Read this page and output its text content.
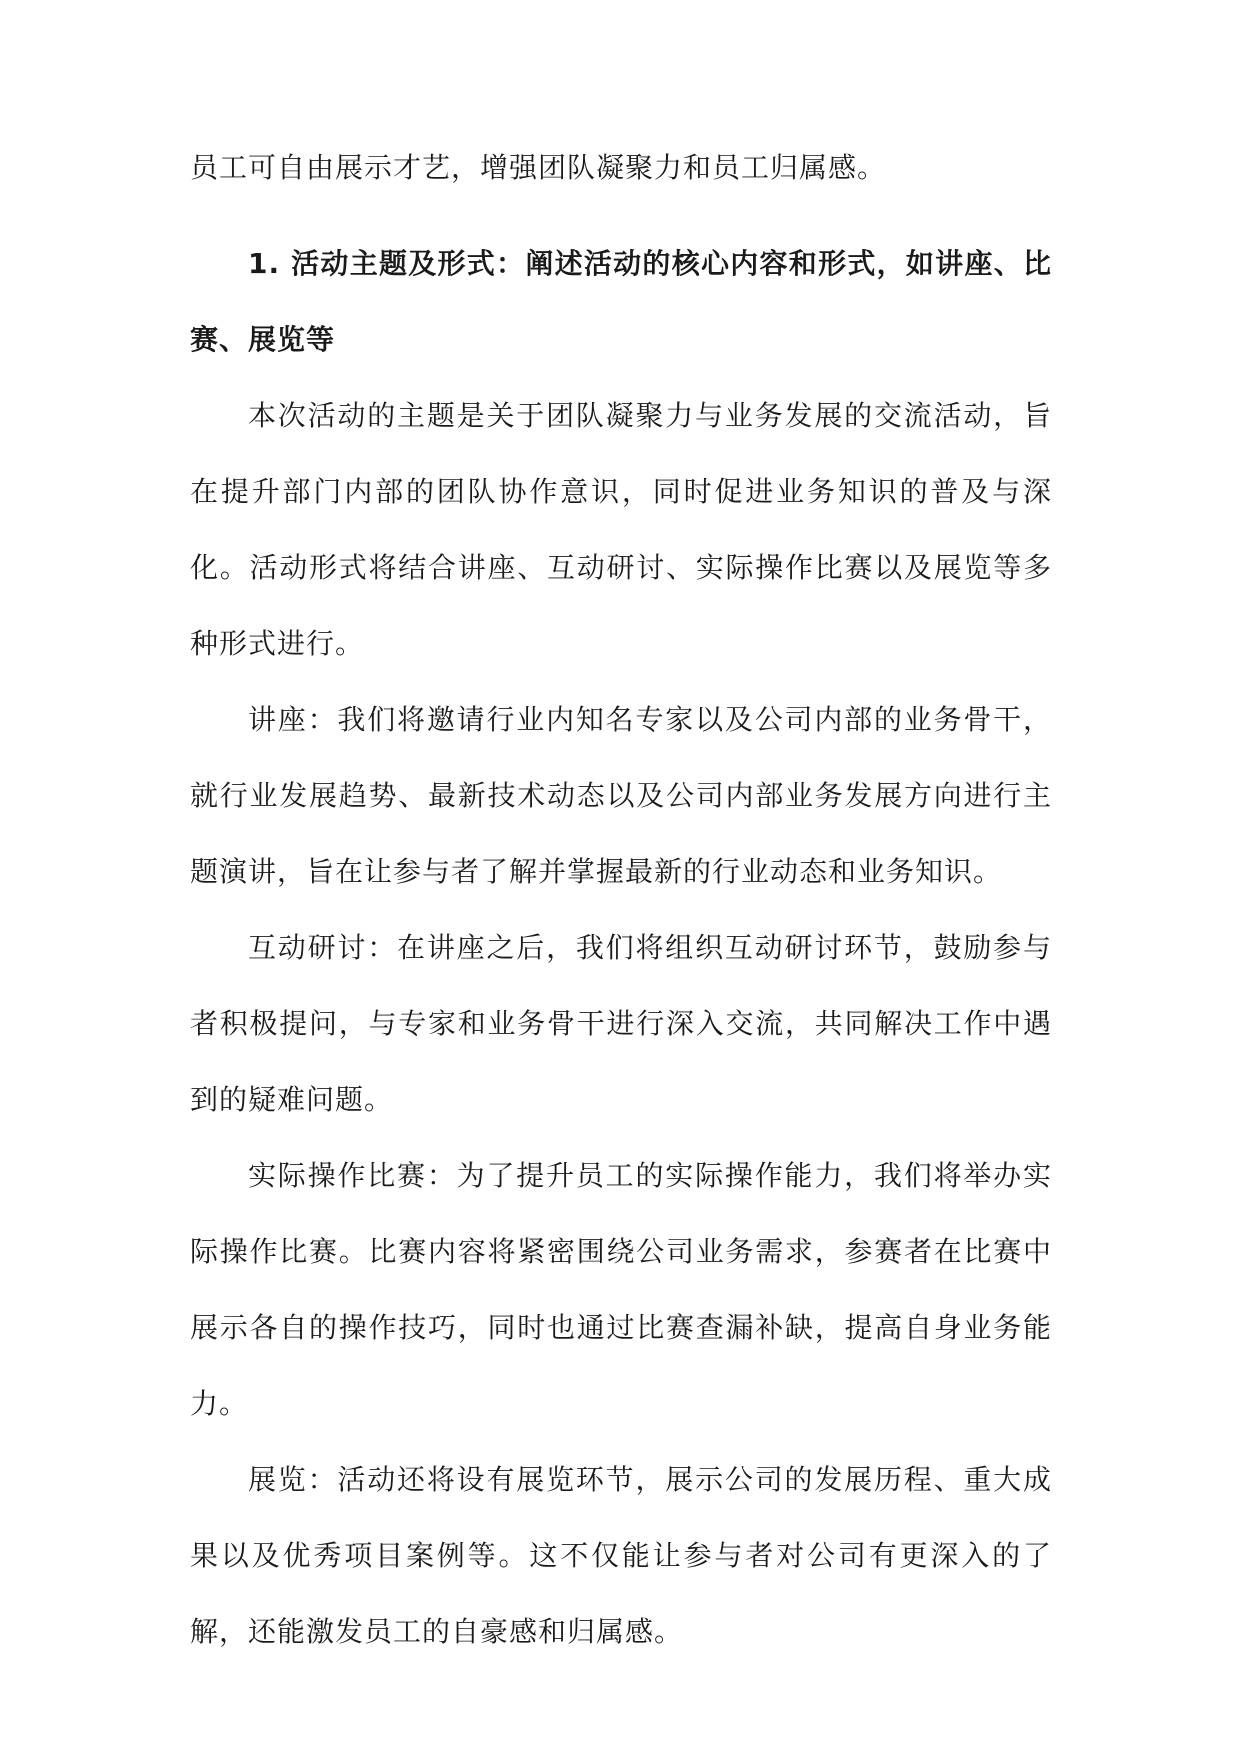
员工可自由展示才艺，增强团队凝聚力和员工归属感。

1. 活动主题及形式：阐述活动的核心内容和形式，如讲座、比赛、展览等

本次活动的主题是关于团队凝聚力与业务发展的交流活动，旨在提升部门内部的团队协作意识，同时促进业务知识的普及与深化。活动形式将结合讲座、互动研讨、实际操作比赛以及展览等多种形式进行。

讲座：我们将邀请行业内知名专家以及公司内部的业务骨干，就行业发展趋势、最新技术动态以及公司内部业务发展方向进行主题演讲，旨在让参与者了解并掌握最新的行业动态和业务知识。

互动研讨：在讲座之后，我们将组织互动研讨环节，鼓励参与者积极提问，与专家和业务骨干进行深入交流，共同解决工作中遇到的疑难问题。

实际操作比赛：为了提升员工的实际操作能力，我们将举办实际操作比赛。比赛内容将紧密围绕公司业务需求，参赛者在比赛中展示各自的操作技巧，同时也通过比赛查漏补缺，提高自身业务能力。

展览：活动还将设有展览环节，展示公司的发展历程、重大成果以及优秀项目案例等。这不仅能让参与者对公司有更深入的了解，还能激发员工的自豪感和归属感。
